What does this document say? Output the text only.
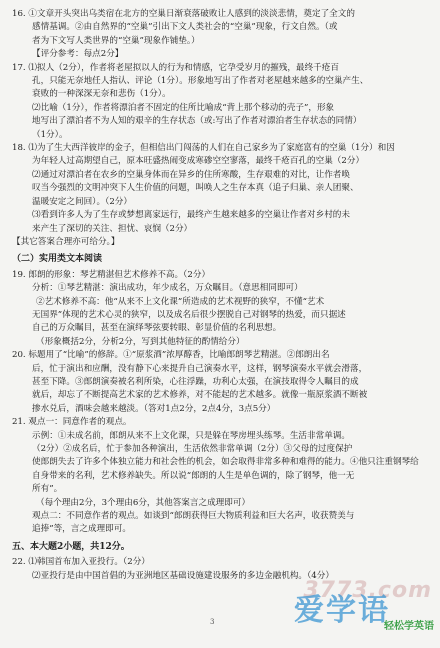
16. ①文章开头突出乌类宿在北方的空巢日渐衰落破败让人感到的淡淡悲情，奠定了全文的

感情基调。②由自然界的“空巢”引出下文人类社会的“空巢”现象，行文自然。（或

者为下文写人类世界的“空巢”现象作铺垫。）

【评分参考：每点2分】

17. ⑴拟人（2分），作者将老屋拟以人的行为和情感，它孕受岁月的摧残，最终千疮百

孔，只能无奈地任人指认、评论（1分）。形象地写出了作者对老屋越来越多的空巢产生、

衰败的一种深深无奈和悲伤（1分）。

⑵比喻（1分），作者将漂泊者不固定的住所比喻成“背上那个移动的壳子”，形象

地写出了漂泊者不为人知的艰辛的生存状态（或:写出了作者对漂泊者生存状态的同情）

（1分）。

18. ⑴为了生大西洋彼岸的金子，但相信出门闯荡的人们在自己家乡为了家庭富有的空巢（1分）和因

为年轻人过高期望自己，原本旺盛热闹变成寒碜空空寥落，最终千疮百孔的空巢（2分）

⑵通过对漂泊者在农乡的空巢身体而在异乡的住所寒酸，生存艰难的对比，让作者唤

叹当今强烈的文明冲突下人生价值的问题，叫唤人之生存本真（追子归巢、亲人团聚、

温暖安定之间回）。（2分）

⑶看到许多人为了生存或梦想离家远行，最终产生越来越多的空巢让作者对乡村的未

来产生了深切的关注、担忧、哀悯（2分）

【其它答案合理亦可给分。】

（二）实用类文本阅读

19. 郎朗的形象：琴艺精湛但艺术修养不高。（2分）

分析：①琴艺精湛：演出成功，年少成名，万众瞩目。（意思相同即可）

②艺术修养不高：他“从来不上文化课”所造成的艺术视野的狭窄，不懂“艺术

无国界”体现的艺术心灵的狭窄，以及成名后很少摆脱自己对钢琴的热爱，而只据述

自己的万众瞩目，甚至在演绎琴弦要转眼、彰显价值的名利思想。

（形象概括2分，分析2分，写到其他特征的酌情给分）

20. 标题用了“比喻”的修辞。①“原浆酒”浓厚醇香，比喻郎朗琴艺精湛。②郎朗出名

后，忙于演出和应酬，没有静下心来提升自己演奏水平，这样，钢琴演奏水平就会滑落，

甚至下降。③郎朗演奏被名利所染，心往浮躁，功利心太强，在演技取得令人瞩目的成

就后，却忘了不断提高艺术家的艺术修养，对不能起的艺术越多。就像一瓶原浆酒不断被

掺水兑后，酒味会越来越淡。（答对1点2分，2点4分，3点5分）

21. 观点一：同意作者的观点。

示例：①未成名前，郎朗从来不上文化课，只是躲在琴房埋头练琴。生活非常单调。

（2分）②成名后，忙于参加各种演出，生活依然非常单调（2分）③父母的过度保护

使郎朗失去了许多个体独立能力和社会性的机会，如会取得非常多种和难得的能力。④他只注重钢琴给

自身带来的名利，艺术修养缺失。所以说“郎朗的人生是单色调的，除了钢琴，他一无

所有”。

（每个理由2分，3个理由6分，其他答案言之成理即可）

观点二：不同意作者的观点。如谈到“郎朗获得巨大物质利益和巨大名声，收获赞美与

追捧”等，言之成理即可。

五、本大题2小题，共12分。

22. ⑴韩国首布加入亚投行。（2分）

⑵亚投行是由中国首倡的为亚洲地区基础设施建设服务的多边金融机构。（4分）

3
3773.com
爱学语
轻松学英语
